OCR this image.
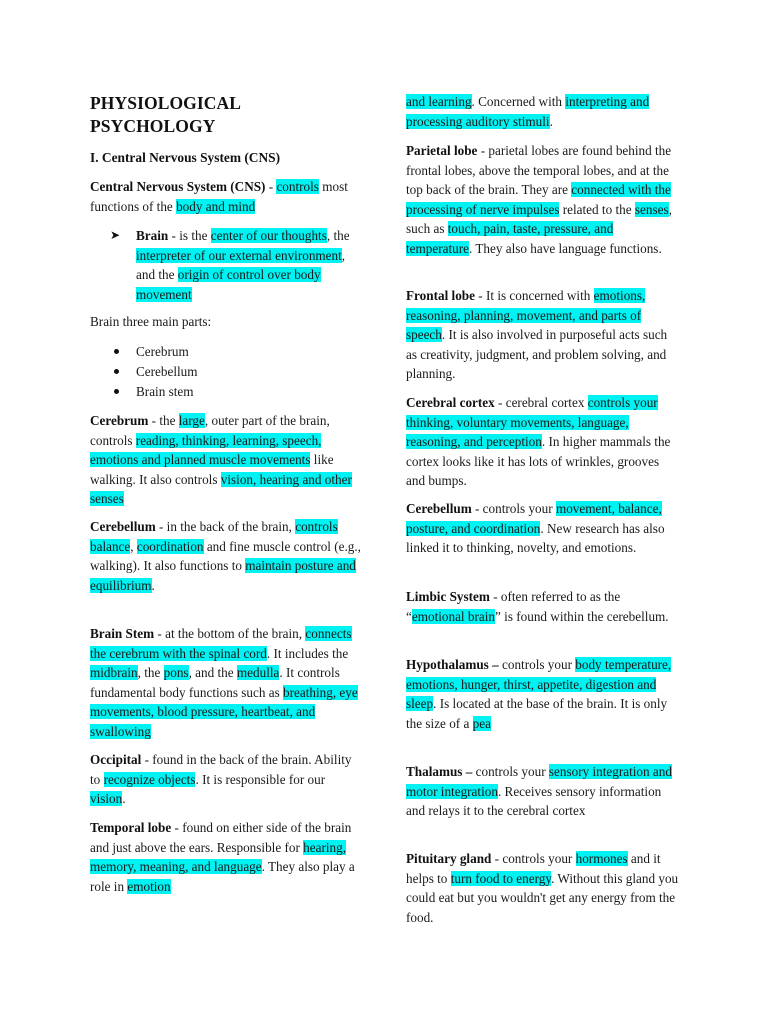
PHYSIOLOGICAL
PSYCHOLOGY
I. Central Nervous System (CNS)

Central Nervous System (CNS) - controls most functions of the body and mind

➤ Brain - is the center of our thoughts, the interpreter of our external environment, and the origin of control over body movement

Brain three main parts:

Cerebrum
Cerebellum
Brain stem

Cerebrum - the large, outer part of the brain, controls reading, thinking, learning, speech, emotions and planned muscle movements like walking. It also controls vision, hearing and other senses

Cerebellum - in the back of the brain, controls balance, coordination and fine muscle control (e.g., walking). It also functions to maintain posture and equilibrium.

Brain Stem - at the bottom of the brain, connects the cerebrum with the spinal cord. It includes the midbrain, the pons, and the medulla. It controls fundamental body functions such as breathing, eye movements, blood pressure, heartbeat, and swallowing

Occipital - found in the back of the brain. Ability to recognize objects. It is responsible for our vision.

Temporal lobe - found on either side of the brain and just above the ears. Responsible for hearing, memory, meaning, and language. They also play a role in emotion

and learning. Concerned with interpreting and processing auditory stimuli.

Parietal lobe - parietal lobes are found behind the frontal lobes, above the temporal lobes, and at the top back of the brain. They are connected with the processing of nerve impulses related to the senses, such as touch, pain, taste, pressure, and temperature. They also have language functions.

Frontal lobe - It is concerned with emotions, reasoning, planning, movement, and parts of speech. It is also involved in purposeful acts such as creativity, judgment, and problem solving, and planning.

Cerebral cortex - cerebral cortex controls your thinking, voluntary movements, language, reasoning, and perception. In higher mammals the cortex looks like it has lots of wrinkles, grooves and bumps.

Cerebellum - controls your movement, balance, posture, and coordination. New research has also linked it to thinking, novelty, and emotions.

Limbic System - often referred to as the “emotional brain” is found within the cerebellum.

Hypothalamus – controls your body temperature, emotions, hunger, thirst, appetite, digestion and sleep. Is located at the base of the brain. It is only the size of a pea

Thalamus – controls your sensory integration and motor integration. Receives sensory information and relays it to the cerebral cortex

Pituitary gland - controls your hormones and it helps to turn food to energy. Without this gland you could eat but you wouldn't get any energy from the food.
